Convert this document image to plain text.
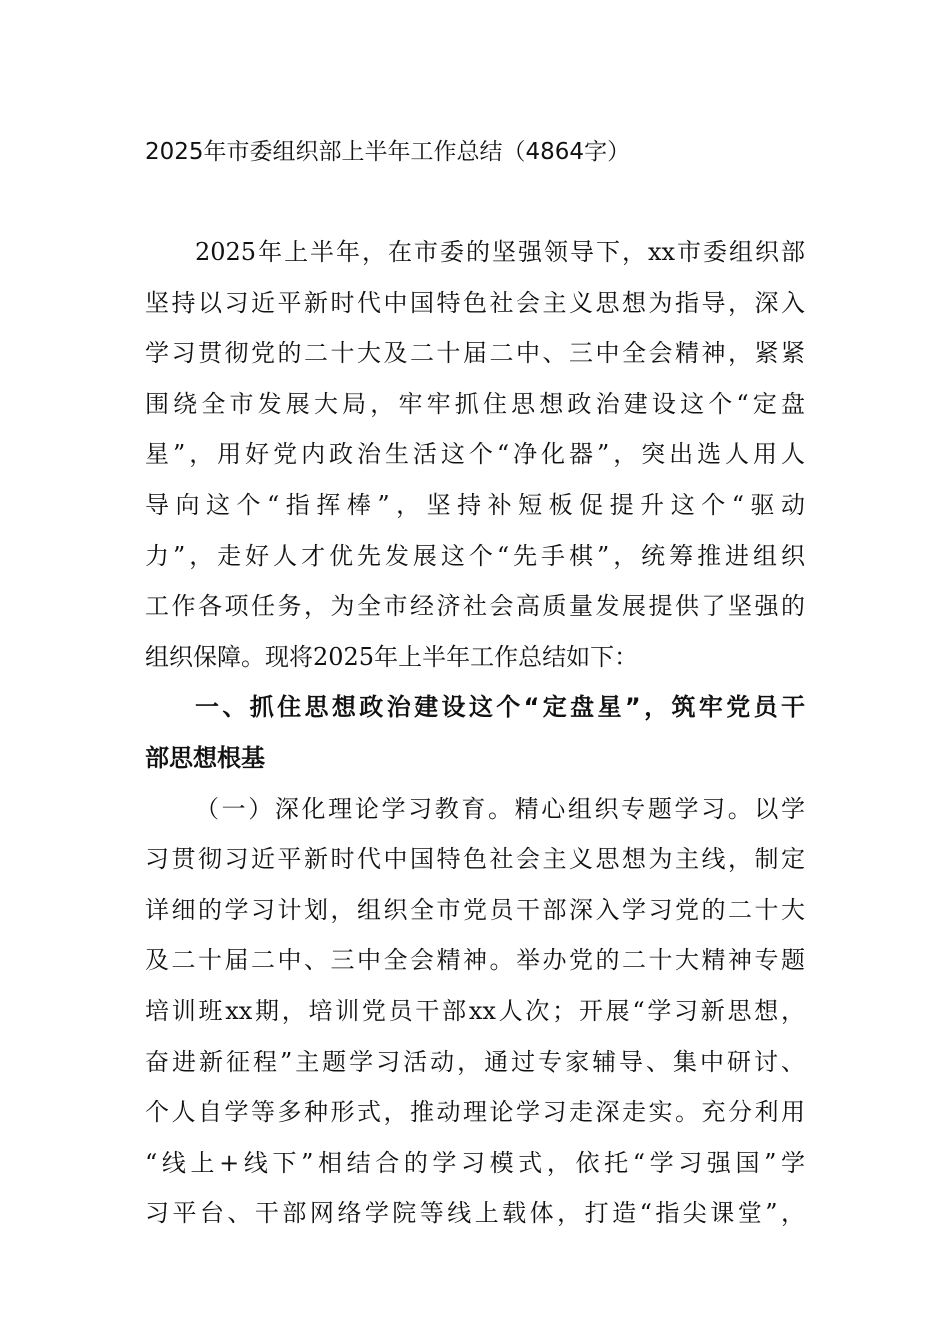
2025年市委组织部上半年工作总结（4864字）
2025年上半年，在市委的坚强领导下，xx市委组织部
坚持以习近平新时代中国特色社会主义思想为指导，深入
学习贯彻党的二十大及二十届二中、三中全会精神，紧紧
围绕全市发展大局，牢牢抓住思想政治建设这个“定盘
星”，用好党内政治生活这个“净化器”，突出选人用人
导向这个“指挥棒”，坚持补短板促提升这个“驱动
力”，走好人才优先发展这个“先手棋”，统筹推进组织
工作各项任务，为全市经济社会高质量发展提供了坚强的
组织保障。现将2025年上半年工作总结如下：
一、抓住思想政治建设这个“定盘星”，筑牢党员干
部思想根基
（一）深化理论学习教育。精心组织专题学习。以学
习贯彻习近平新时代中国特色社会主义思想为主线，制定
详细的学习计划，组织全市党员干部深入学习党的二十大
及二十届二中、三中全会精神。举办党的二十大精神专题
培训班xx期，培训党员干部xx人次；开展“学习新思想，
奋进新征程”主题学习活动，通过专家辅导、集中研讨、
个人自学等多种形式，推动理论学习走深走实。充分利用
“线上+线下”相结合的学习模式，依托“学习强国”学
习平台、干部网络学院等线上载体，打造“指尖课堂”，
